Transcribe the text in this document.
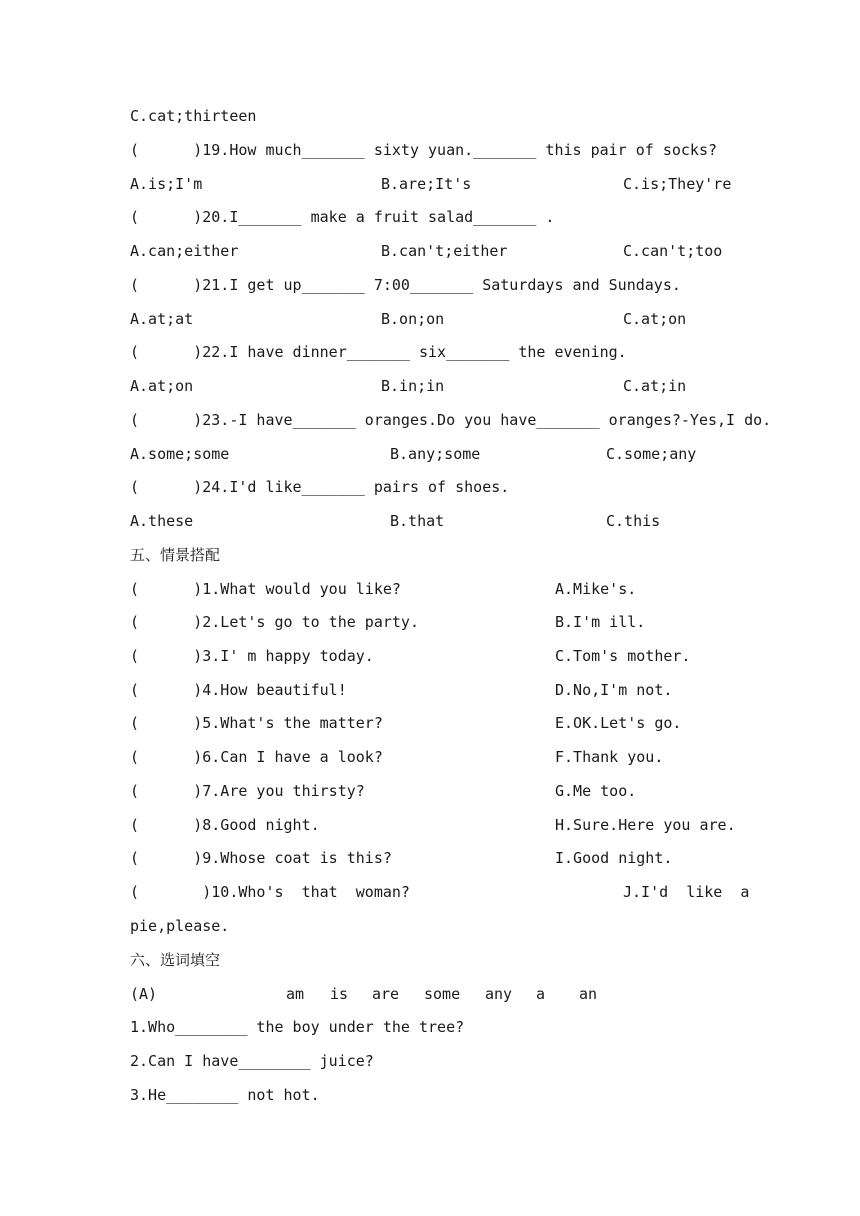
C.cat;thirteen
(      )19.How much_______ sixty yuan._______ this pair of socks?
A.is;I'm	B.are;It's	C.is;They're
(      )20.I_______ make a fruit salad_______ .
A.can;either	B.can't;either	C.can't;too
(      )21.I get up_______ 7:00_______ Saturdays and Sundays.
A.at;at	B.on;on	C.at;on
(      )22.I have dinner_______ six_______ the evening.
A.at;on	B.in;in	C.at;in
(      )23.-I have_______ oranges.Do you have_______ oranges?-Yes,I do.
A.some;some	B.any;some	C.some;any
(      )24.I'd like_______ pairs of shoes.
A.these	B.that	C.this
五、情景搭配
(      )1.What would you like?	A.Mike's.
(      )2.Let's go to the party.	B.I'm ill.
(      )3.I' m happy today.	C.Tom's mother.
(      )4.How beautiful!	D.No,I'm not.
(      )5.What's the matter?	E.OK.Let's go.
(      )6.Can I have a look?	F.Thank you.
(      )7.Are you thirsty?	G.Me too.
(      )8.Good night.	H.Sure.Here you are.
(      )9.Whose coat is this?	I.Good night.
(       )10.Who's  that  woman?	J.I'd  like  a
pie,please.
六、选词填空
(A)	am is are some any a an
1.Who________ the boy under the tree?
2.Can I have________ juice?
3.He________ not hot.
